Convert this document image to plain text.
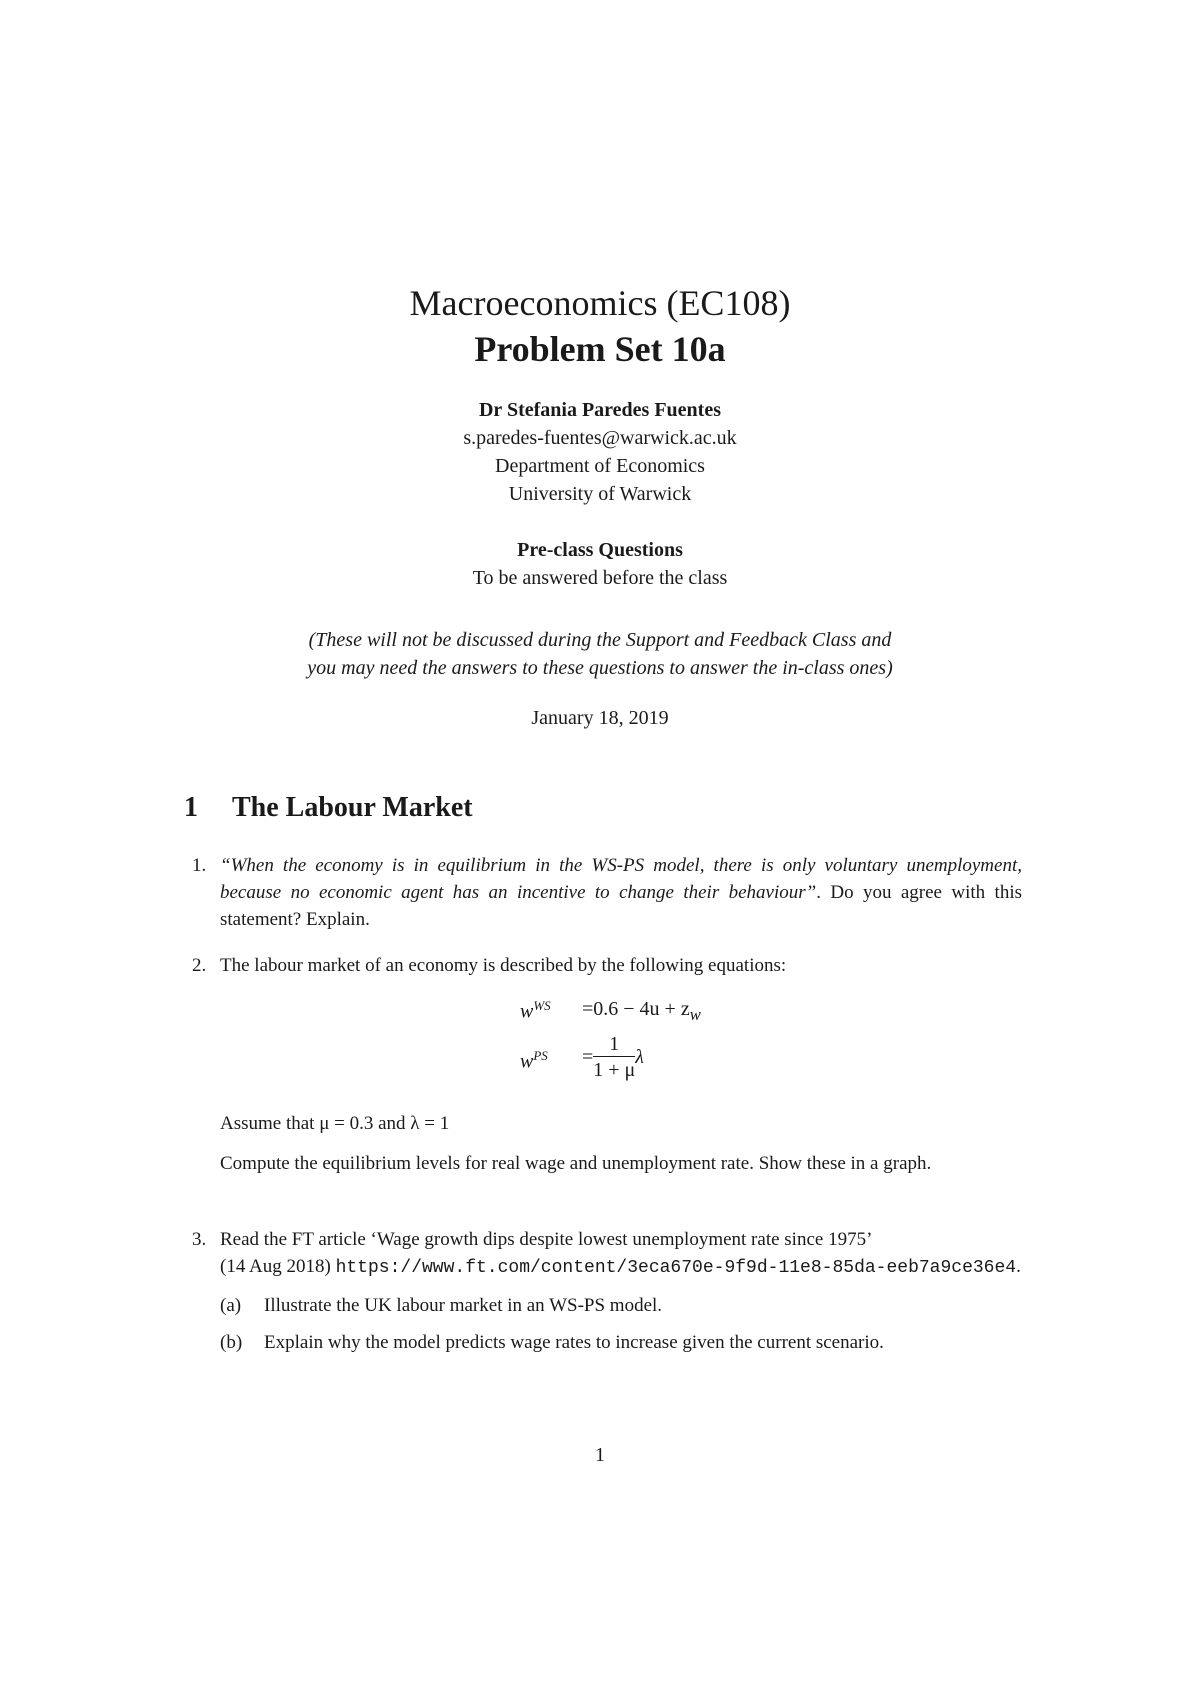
Macroeconomics (EC108)
Problem Set 10a
Dr Stefania Paredes Fuentes
s.paredes-fuentes@warwick.ac.uk
Department of Economics
University of Warwick
Pre-class Questions
To be answered before the class
(These will not be discussed during the Support and Feedback Class and
you may need the answers to these questions to answer the in-class ones)
January 18, 2019
1 The Labour Market
1. “When the economy is in equilibrium in the WS-PS model, there is only voluntary unemployment, because no economic agent has an incentive to change their behaviour”. Do you agree with this statement? Explain.
2. The labour market of an economy is described by the following equations:
$w^{WS} =0.6 - 4u + z_w$
$w^{PS} = \frac{1}{1 + \mu}$ λ
Assume that μ = 0.3 and λ = 1
Compute the equilibrium levels for real wage and unemployment rate. Show these in a graph.
3. Read the FT article ‘Wage growth dips despite lowest unemployment rate since 1975’
(14 Aug 2018) https://www.ft.com/content/3eca670e-9f9d-11e8-85da-eeb7a9ce36e4.
(a)	Illustrate the UK labour market in an WS-PS model.
(b)	Explain why the model predicts wage rates to increase given the current scenario.
1
